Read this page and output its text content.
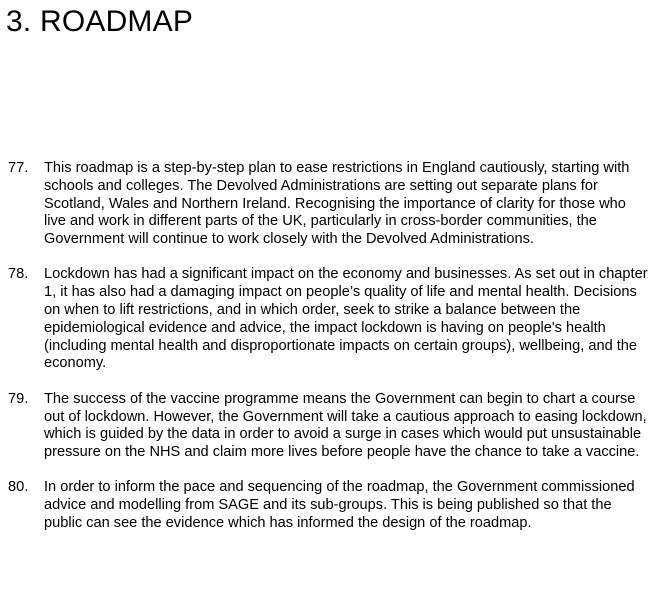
3. ROADMAP
77. This roadmap is a step-by-step plan to ease restrictions in England cautiously, starting with schools and colleges. The Devolved Administrations are setting out separate plans for Scotland, Wales and Northern Ireland. Recognising the importance of clarity for those who live and work in different parts of the UK, particularly in cross-border communities, the Government will continue to work closely with the Devolved Administrations.
78. Lockdown has had a significant impact on the economy and businesses. As set out in chapter 1, it has also had a damaging impact on people’s quality of life and mental health. Decisions on when to lift restrictions, and in which order, seek to strike a balance between the epidemiological evidence and advice, the impact lockdown is having on people's health (including mental health and disproportionate impacts on certain groups), wellbeing, and the economy.
79. The success of the vaccine programme means the Government can begin to chart a course out of lockdown. However, the Government will take a cautious approach to easing lockdown, which is guided by the data in order to avoid a surge in cases which would put unsustainable pressure on the NHS and claim more lives before people have the chance to take a vaccine.
80. In order to inform the pace and sequencing of the roadmap, the Government commissioned advice and modelling from SAGE and its sub-groups. This is being published so that the public can see the evidence which has informed the design of the roadmap.
